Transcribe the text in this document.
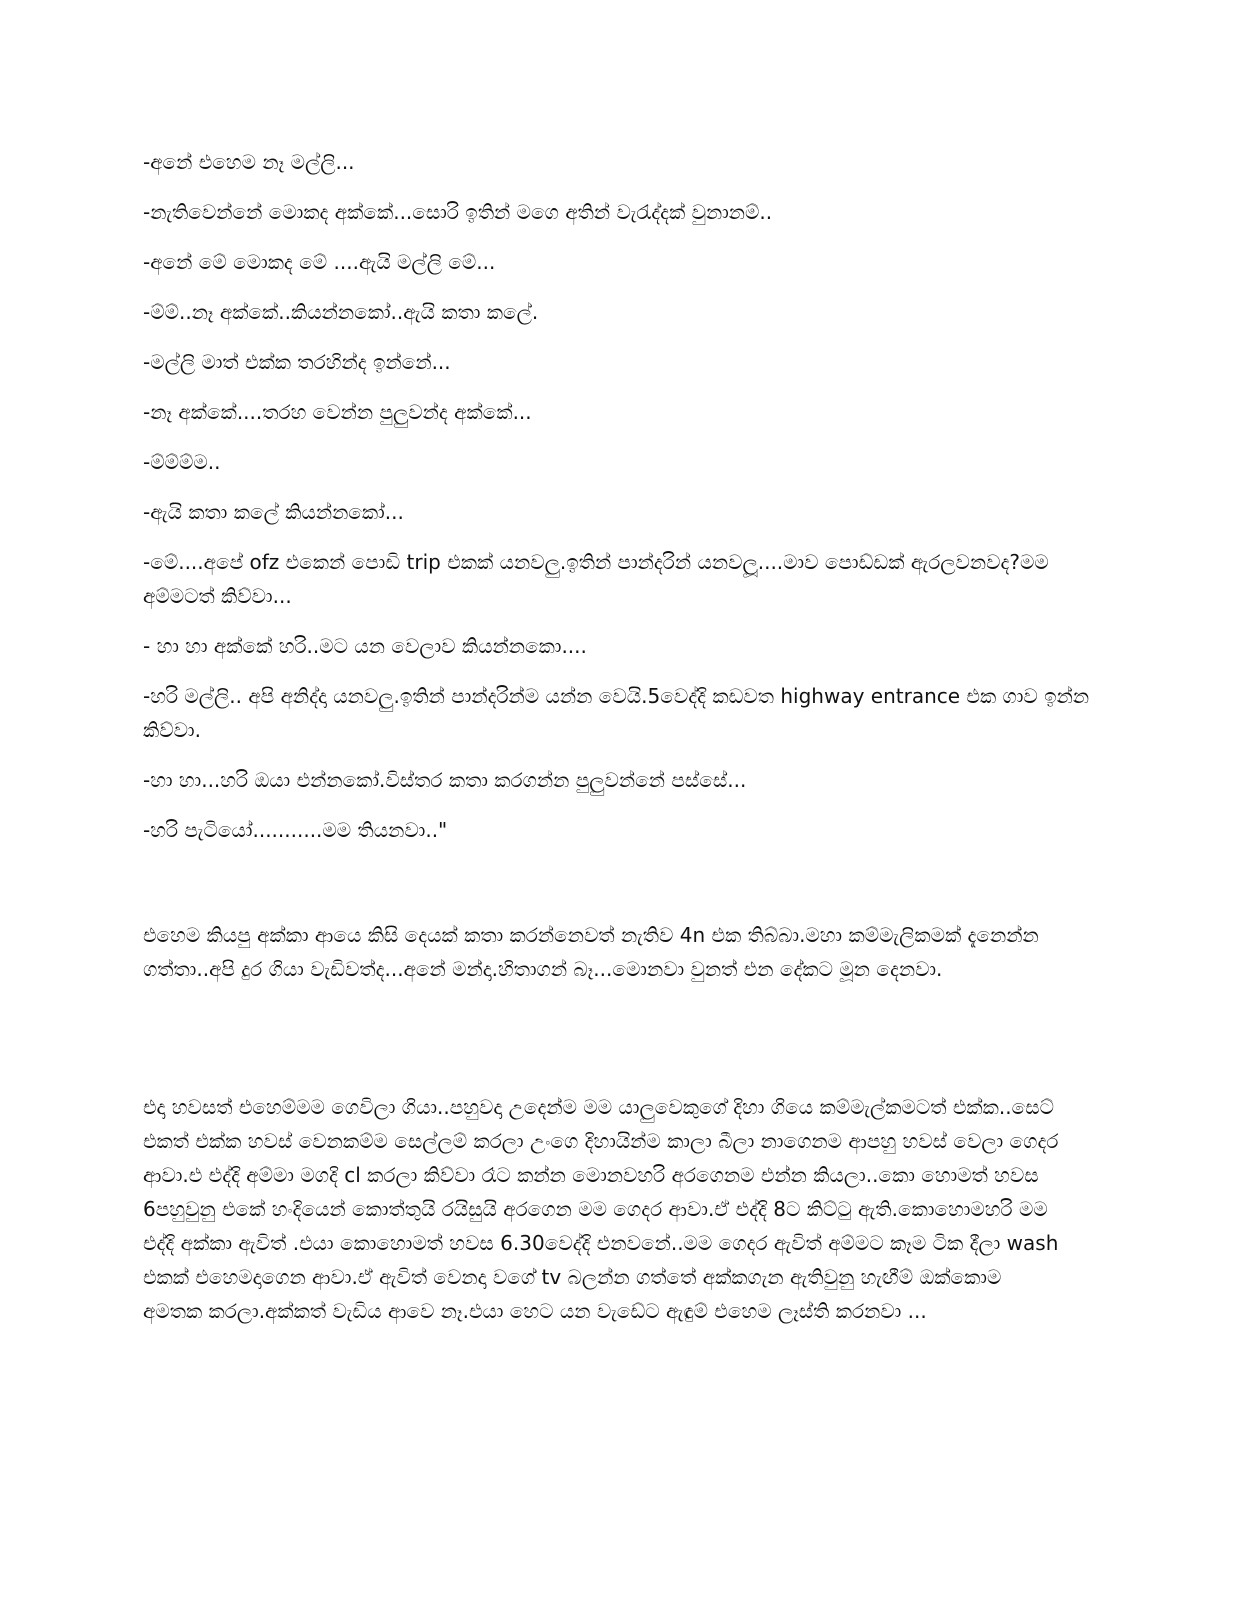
-අනේ එහෙම නෑ මල්ලි...

-නැතිවෙන්නේ මොකද අක්කේ...සොරි ඉතින් මගෙ අතින් වැරැද්දක් වුනානම්..

-අනේ මේ මොකද මේ ....ඇයි මල්ලි මේ...

-ම්ම්..නෑ අක්කේ..කියන්නකෝ..ඇයි කතා කලේ.

-මල්ලි මාත් එක්ක තරහින්ද ඉන්නේ...

-නෑ අක්කේ....තරහ වෙන්න පුලුවන්ද අක්කේ...

-ම්ම්ම්ම..

-ඇයි කතා කලේ කියන්නකෝ...

-මේ....අපේ ofz එකෙන් පොඩි trip එකක් යනවලු.ඉතින් පාන්දරින් යනවලූ....මාව පොඩ්ඩක් ඇරලවනවද?මම අම්මටත් කිව්වා...

- හා හා අක්කේ හරි..මට යන වෙලාව කියන්නකො....

-හරි මල්ලි.. අපි අනිද්දා යනවලු.ඉතින් පාන්දරින්ම යන්න වෙයි.5වෙද්දි කඩවත highway entrance එක ගාව ඉන්න කිව්වා.

-හා හා...හරි ඔයා එන්නකෝ.විස්තර කතා කරගන්න පුලුවන්නේ පස්සේ...

-හරි පැටියෝ...........මම තියනවා.."

එහෙම කියපු අක්කා ආයෙ කිසි දෙයක් කතා කරන්නෙවත් නැතිව 4n එක තිබ්බා.මහා කම්මැලිකමක් දැනෙන්න ගත්තා..අපි දුර ගියා වැඩිවත්ද...අනේ මන්දා.හිතාගන් බෑ...මොනවා වුනත් එන දේකට මූන දෙනවා.

එදා හවසත් එහෙම්මම ගෙවිලා ගියා..පහුවදා උදෙන්ම මම යාලුවෙකුගේ දිහා ගියෙ කම්මැල්කමටත් එක්ක..සෙට් එකත් එක්ක හවස් වෙනකම්ම සෙල්ලම් කරලා උංගෙ දිහායින්ම කාලා බීලා නාගෙනම ආපහු හවස් වෙලා ගෙදර ආවා.එ එද්දි අම්මා මගදි cl කරලා කිව්වා රෑට කන්න මොනවහරි අරගෙනම එන්න කියලා..කො හොමත් හවස 6පහුවුනු එකේ හංදියෙන් කොත්තුයි රයිසුයි අරගෙන මම ගෙදර ආවා.ඒ එද්දි 8ට කිට්ටු ඇති.කොහොමහරි මම එද්දි අක්කා ඇවිත් .එයා කොහොමත් හවස 6.30වෙද්දි එනවනේ..මම ගෙදර ඇවිත් අම්මට කෑම ටික දීලා wash එකක් එහෙමදාගෙන ආවා.ඒ ඇවිත් වෙනදා වගේ tv බලන්න ගත්තේ අක්කගැන ඇතිවුනු හැඟීම් ඔක්කොම අමතක කරලා.අක්කත් වැඩිය ආවෙ නෑ.එයා හෙට යන වැඩේට ඇඳුම් එහෙම ලෑස්ති කරනවා ...
